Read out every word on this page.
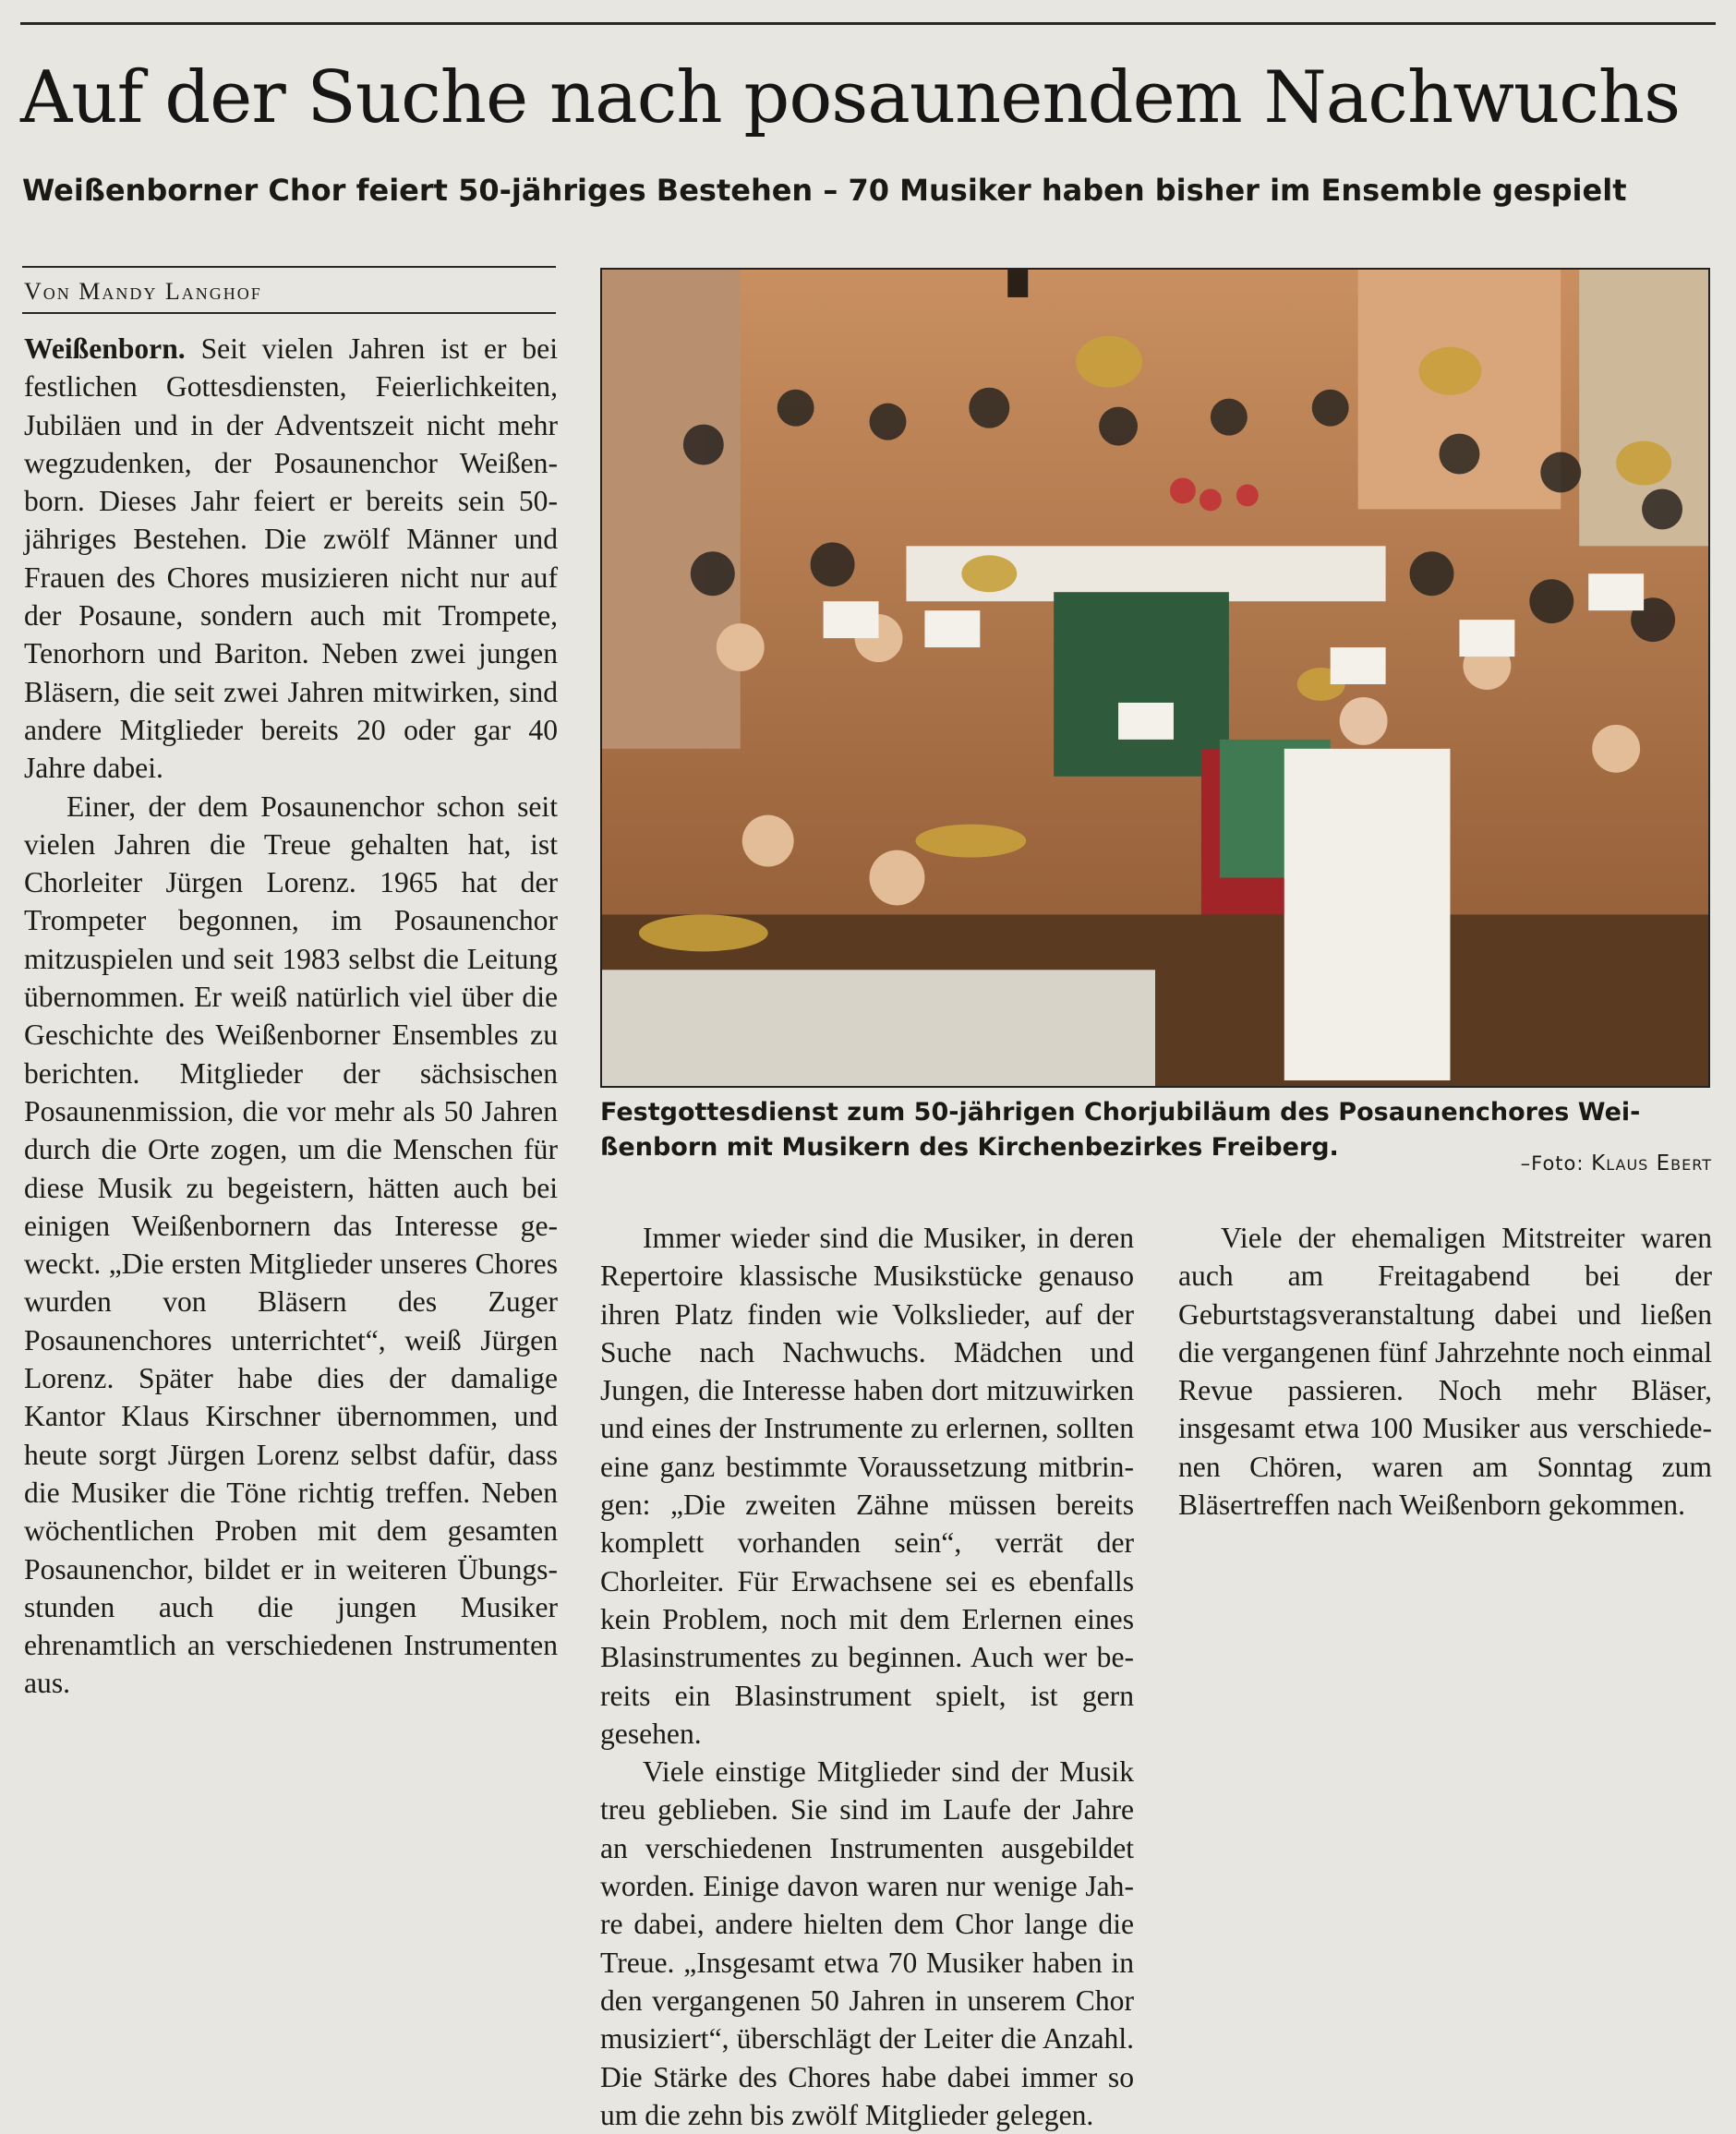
Auf der Suche nach posaunendem Nachwuchs
Weißenborner Chor feiert 50-jähriges Bestehen – 70 Musiker haben bisher im Ensemble gespielt
Von Mandy Langhof

Weißenborn. Seit vielen Jahren ist er bei festlichen Gottesdiensten, Feierlichkeiten, Jubiläen und in der Adventszeit nicht mehr wegzudenken, der Posaunenchor Weißenborn. Dieses Jahr feiert er bereits sein 50-jähriges Bestehen. Die zwölf Männer und Frauen des Chores musizieren nicht nur auf der Posaune, sondern auch mit Trompete, Tenorhorn und Bariton. Neben zwei jungen Bläsern, die seit zwei Jahren mitwirken, sind andere Mitglieder bereits 20 oder gar 40 Jahre dabei.

Einer, der dem Posaunenchor schon seit vielen Jahren die Treue gehalten hat, ist Chorleiter Jürgen Lorenz. 1965 hat der Trompeter begonnen, im Posaunenchor mitzuspielen und seit 1983 selbst die Leitung übernommen. Er weiß natürlich viel über die Geschichte des Weißenborner Ensembles zu berichten. Mitglieder der sächsischen Posaunenmission, die vor mehr als 50 Jahren durch die Orte zogen, um die Menschen für diese Musik zu begeistern, hätten auch bei einigen Weißenbornern das Interesse geweckt. „Die ersten Mitglieder unseres Chores wurden von Bläsern des Zuger Posaunenchores unterrichtet“, weiß Jürgen Lorenz. Später habe dies der damalige Kantor Klaus Kirschner übernommen, und heute sorgt Jürgen Lorenz selbst dafür, dass die Musiker die Töne richtig treffen. Neben wöchentlichen Proben mit dem gesamten Posaunenchor, bildet er in weiteren Übungsstunden auch die jungen Musiker ehrenamtlich an verschiedenen Instrumenten aus.

Festgottesdienst zum 50-jährigen Chorjubiläum des Posaunenchores Wei-
ßenborn mit Musikern des Kirchenbezirkes Freiberg.
–Foto: Klaus Ebert

Immer wieder sind die Musiker, in deren Repertoire klassische Musikstücke genauso ihren Platz finden wie Volkslieder, auf der Suche nach Nachwuchs. Mädchen und Jungen, die Interesse haben dort mitzuwirken und eines der Instrumente zu erlernen, sollten eine ganz bestimmte Voraussetzung mitbringen: „Die zweiten Zähne müssen bereits komplett vorhanden sein“, verrät der Chorleiter. Für Erwachsene sei es ebenfalls kein Problem, noch mit dem Erlernen eines Blasinstrumentes zu beginnen. Auch wer bereits ein Blasinstrument spielt, ist gern gesehen.

Viele einstige Mitglieder sind der Musik treu geblieben. Sie sind im Laufe der Jahre an verschiedenen Instrumenten ausgebildet worden. Einige davon waren nur wenige Jahre dabei, andere hielten dem Chor lange die Treue. „Insgesamt etwa 70 Musiker haben in den vergangenen 50 Jahren in unserem Chor musiziert“, überschlägt der Leiter die Anzahl. Die Stärke des Chores habe dabei immer so um die zehn bis zwölf Mitglieder gelegen.

Viele der ehemaligen Mitstreiter waren auch am Freitagabend bei der Geburtstagsveranstaltung dabei und ließen die vergangenen fünf Jahrzehnte noch einmal Revue passieren. Noch mehr Bläser, insgesamt etwa 100 Musiker aus verschiedenen Chören, waren am Sonntag zum Bläsertreffen nach Weißenborn gekommen.
